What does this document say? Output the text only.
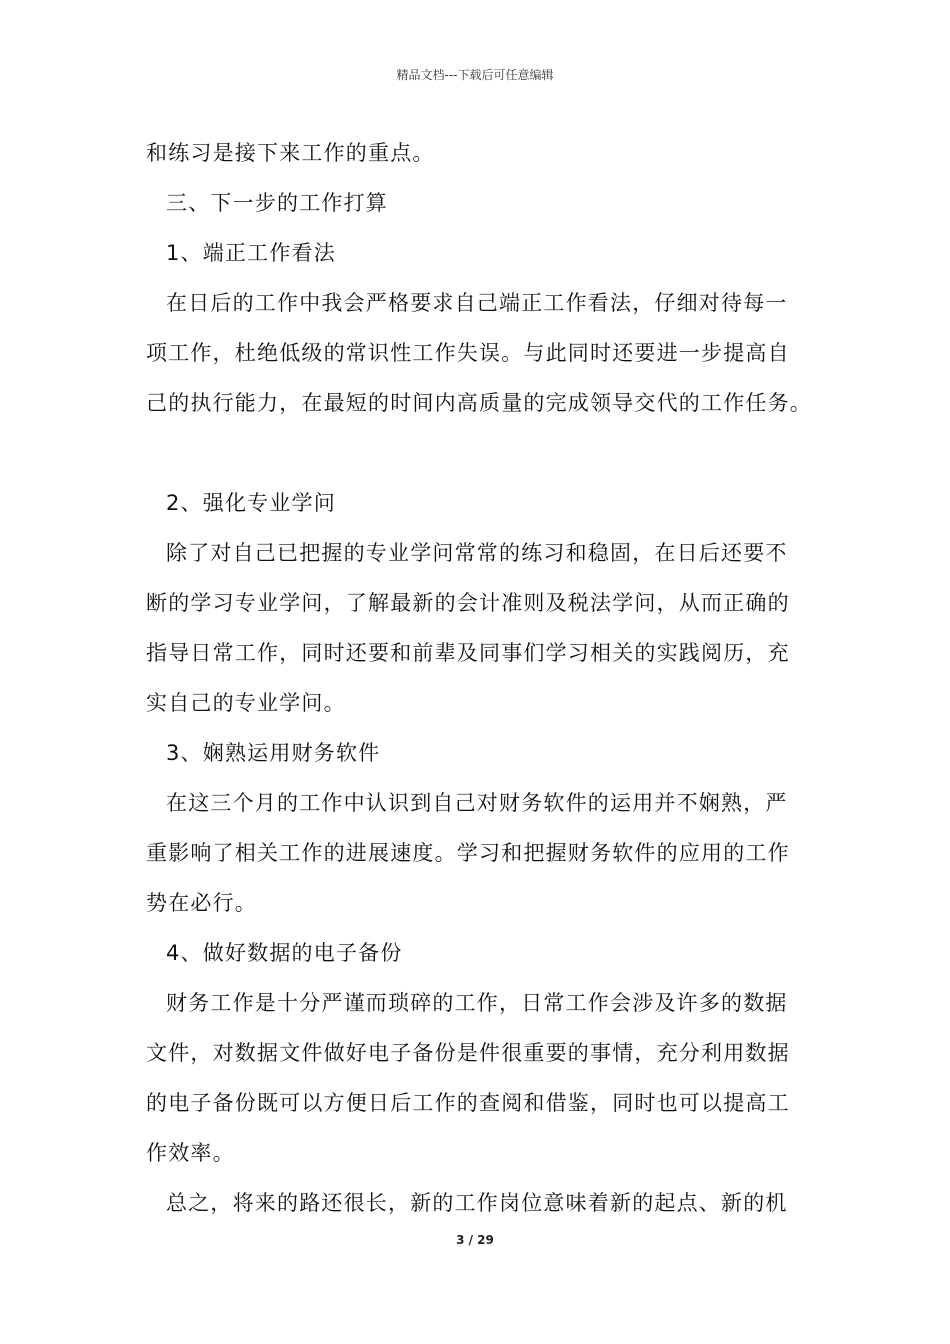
精品文档---下载后可任意编辑
和练习是接下来工作的重点。
三、下一步的工作打算
1、端正工作看法
在日后的工作中我会严格要求自己端正工作看法，仔细对待每一
项工作，杜绝低级的常识性工作失误。与此同时还要进一步提高自
己的执行能力，在最短的时间内高质量的完成领导交代的工作任务。
2、强化专业学问
除了对自己已把握的专业学问常常的练习和稳固，在日后还要不
断的学习专业学问，了解最新的会计准则及税法学问，从而正确的
指导日常工作，同时还要和前辈及同事们学习相关的实践阅历，充
实自己的专业学问。
3、娴熟运用财务软件
在这三个月的工作中认识到自己对财务软件的运用并不娴熟，严
重影响了相关工作的进展速度。学习和把握财务软件的应用的工作
势在必行。
4、做好数据的电子备份
财务工作是十分严谨而琐碎的工作，日常工作会涉及许多的数据
文件，对数据文件做好电子备份是件很重要的事情，充分利用数据
的电子备份既可以方便日后工作的查阅和借鉴，同时也可以提高工
作效率。
总之，将来的路还很长，新的工作岗位意味着新的起点、新的机
3 / 29
